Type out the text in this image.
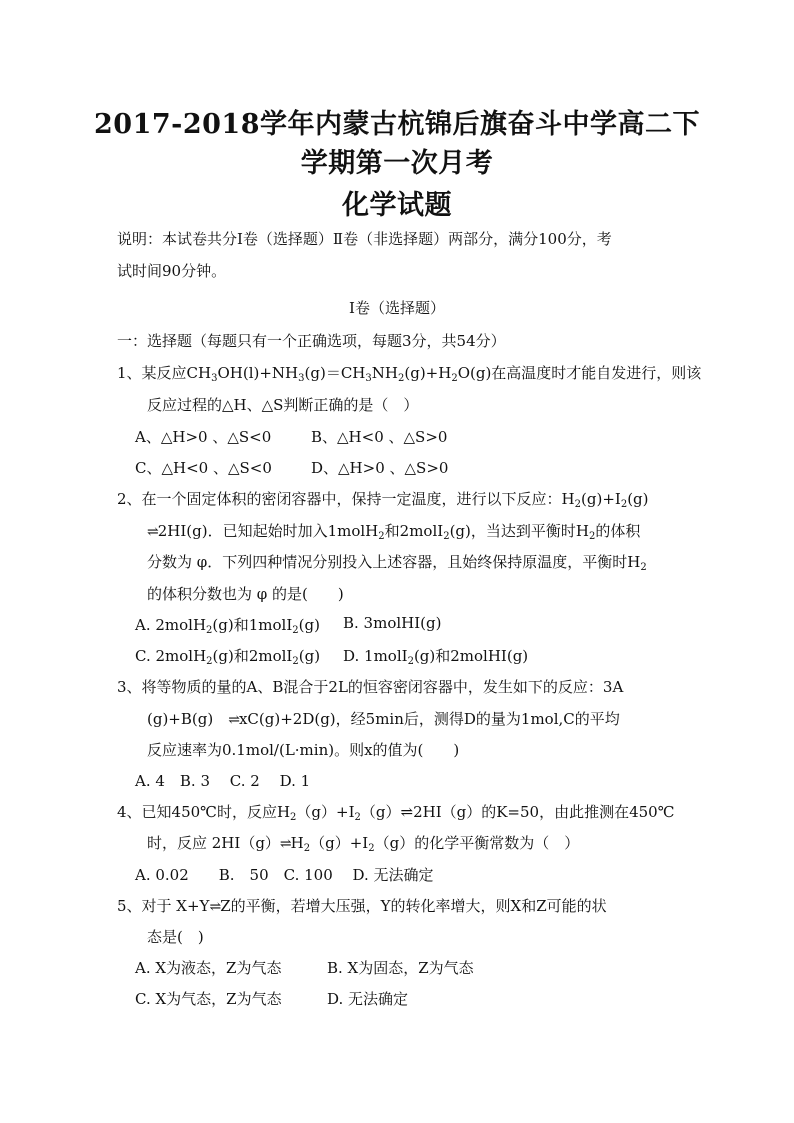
2017-2018学年内蒙古杭锦后旗奋斗中学高二下
学期第一次月考
化学试题
说明：本试卷共分Ⅰ卷（选择题）Ⅱ卷（非选择题）两部分，满分100分，考
试时间90分钟。
Ⅰ卷（选择题）
一：选择题（每题只有一个正确选项，每题3分，共54分）
1、某反应$CH_3OH(l)+NH_3(g)=CH_3NH_2(g)+H_2O(g)$在高温度时才能自发进行，则该
反应过程的△H、△S判断正确的是（　）
A、△H>0 、△S<0	B、△H<0 、△S>0
C、△H<0 、△S<0	D、△H>0 、△S>0
2、在一个固定体积的密闭容器中，保持一定温度，进行以下反应：$H_2(g)+I_2(g)$
⇌2HI(g)．已知起始时加入1molH$_2$和2molI$_2$(g)，当达到平衡时$H_2$的体积
分数为 φ．下列四种情况分别投入上述容器，且始终保持原温度，平衡时$H_2$
的体积分数也为 φ 的是(　　)
A. 2molH$_2$(g)和1molI$_2$(g) B. 3molHI(g)
C. 2molH$_2$(g)和2molI$_2$(g) D. 1molI$_2$(g)和2molHI(g)
3、将等物质的量的A、B混合于2L的恒容密闭容器中，发生如下的反应：3A
(g)+B(g)　 ⇌xC(g)+2D(g)，经5min后，测得D的量为1mol,C的平均
反应速率为0.1mol/(L·min)。则x的值为(　　)
A. 4　B. 3　 C. 2　 D. 1
4、已知450℃时，反应$H_2(g)+I_2(g)\rightleftharpoons 2HI(g)$的K=50，由此推测在450℃
时，反应 $2HI(g)\rightleftharpoons H_2(g)+I_2(g)$的化学平衡常数为（　）
A. 0.02　　B.　50　C. 100　 D. 无法确定
5、对于 X+Y⇌Z的平衡，若增大压强，Y的转化率增大，则X和Z可能的状
态是(　)
A. X为液态，Z为气态	B. X为固态，Z为气态
C. X为气态，Z为气态	D. 无法确定
